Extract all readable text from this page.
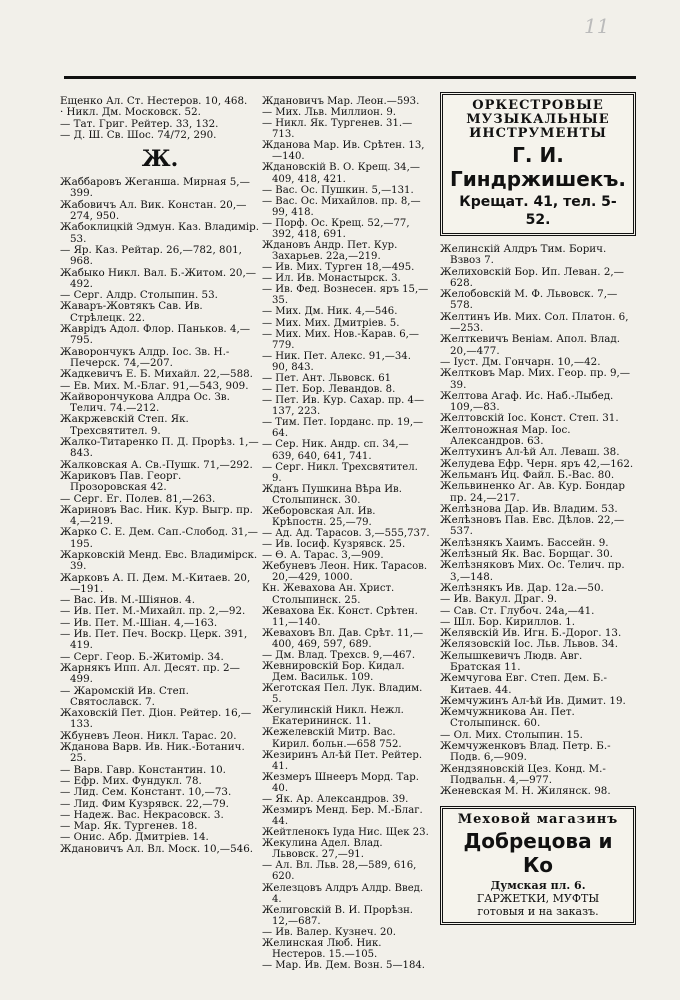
11

Ещенко Ал. Ст. Нестеров. 10, 468.

· Никл. Дм. Московск. 52.

— Тат. Григ. Рейтер. 33, 132.

— Д. Ш. Св. Шос. 74/72, 290.

Ж.

Жаббаровъ Жеганша. Мирная 5,—399.

Жабовичъ Ал. Вик. Констан. 20,—274, 950.

Жабоклицкій Эдмун. Каз. Владимір. 53.

— Яр. Каз. Рейтар. 26,—782, 801, 968.

Жабыко Никл. Вал. Б.-Житом. 20,—492.

— Серг. Алдр. Столыпин. 53.

Жаваръ-Жовтякъ Сав. Ив. Стрѣлецк. 22.

Жаврідъ Адол. Флор. Паньков. 4,—795.

Жаворончукъ Алдр. Іос. Зв. Н.-Печерск. 74,—207.

Жадкевичъ Е. Б. Михайл. 22,—588.

— Ев. Мих. М.-Благ. 91,—543, 909.

Жайворончукова Алдра Ос. Зв. Телич. 74.—212.

Жакржевскій Степ. Як. Трехсвятител. 9.

Жалко-Титаренко П. Д. Прорѣз. 1,—843.

Жалковская А. Св.-Пушк. 71,—292.

Жариковъ Пав. Георг. Прозоровская 42.

— Серг. Ег. Полев. 81,—263.

Жариновъ Вас. Ник. Кур. Выгр. пр. 4,—219.

Жарко С. Е. Дем. Сап.-Слобод. 31,—195.

Жарковскій Менд. Евс. Владимірск. 39.

Жарковъ А. П. Дем. М.-Китаев. 20,—191.

— Вас. Ив. М.-Шіянов. 4.

— Ив. Пет. М.-Михайл. пр. 2,—92.

— Ив. Пет. М.-Шіан. 4,—163.

— Ив. Пет. Печ. Воскр. Церк. 391, 419.

— Серг. Геор. Б.-Житомір. 34.

Жарнякъ Ипп. Ал. Десят. пр. 2—499.

— Жаромскій Ив. Степ. Святославск. 7.

Жаховскій Пет. Діон. Рейтер. 16,—133.

Жбуневъ Леон. Никл. Тарас. 20.

Жданова Варв. Ив. Ник.-Ботанич. 25.

— Варв. Гавр. Константин. 10.

— Ефр. Мих. Фундукл. 78.

— Лид. Сем. Констант. 10,—73.

— Лид. Фим Кузрявск. 22,—79.

— Надеж. Вас. Некрасовск. 3.

— Мар. Як. Тургенев. 18.

— Онис. Абр. Дмитріев. 14.

Ждановичъ Ал. Вл. Моск. 10,—546.

Ждановичъ Мар. Леон.—593.

— Мих. Льв. Миллион. 9.

— Никл. Як. Тургенев. 31.—713.

Жданова Мар. Ив. Срѣтен. 13,—140.

Ждановскій В. О. Крещ. 34,—409, 418, 421.

— Вас. Ос. Пушкин. 5,—131.

— Вас. Ос. Михайлов. пр. 8,—99, 418.

— Порф. Ос. Крещ. 52,—77, 392, 418, 691.

Ждановъ Андр. Пет. Кур. Захарьев. 22а,—219.

— Ив. Мих. Турген 18,—495.

— Ил. Ив. Монастырск. 3.

— Ив. Фед. Вознесен. яръ 15,—35.

— Мих. Дм. Ник. 4,—546.

— Мих. Мих. Дмитріев. 5.

— Мих. Мих. Нов.-Карав. 6,—779.

— Ник. Пет. Алекс. 91,—34. 90, 843.

— Пет. Ант. Львовск. 61

— Пет. Бор. Левандов. 8.

— Пет. Ив. Кур. Сахар. пр. 4—137, 223.

— Тим. Пет. Іорданс. пр. 19,—64.

— Сер. Ник. Андр. сп. 34,—639, 640, 641, 741.

— Серг. Никл. Трехсвятител. 9.

Жданъ Пушкина Вѣра Ив. Столыпинск. 30.

Жеборовская Ал. Ив. Крѣпостн. 25,—79.

— Ад. Ад. Тарасов. 3,—555,737.

— Ив. Іосиф. Кузрявск. 25.

— Ѳ. А. Тарас. 3,—909.

Жебуневъ Леон. Ник. Тарасов. 20,—429, 1000.

Кн. Жевахова Ан. Христ. Столыпинск. 25.

Жевахова Ек. Конст. Срѣтен. 11,—140.

Жеваховъ Вл. Дав. Срѣт. 11,—400, 469, 597, 689.

— Дм. Влад. Трехсв. 9,—467.

Жевнировскій Бор. Кидал. Дем. Васильк. 109.

Жеготская Пел. Лук. Владим. 5.

Жегулинскій Никл. Нежл. Екатерининск. 11.

Жежелевскій Митр. Вас. Кирил. больн.—658 752.

Жезиринъ Ал-ѣй Пет. Рейтер. 41.

Жезмеръ Шнееръ Морд. Тар. 40.

— Як. Ар. Александров. 39.

Жезмиръ Менд. Бер. М.-Благ. 44.

Жейтленокъ Іуда Нис. Щек 23.

Жекулина Адел. Влад. Львовск. 27,—91.

— Ал. Вл. Льв. 28,—589, 616, 620.

Железцовъ Алдръ Алдр. Введ. 4.

Желиговскій В. И. Прорѣзн. 12,—687.

— Ив. Валер. Кузнеч. 20.

Желинская Люб. Ник. Нестеров. 15.—105.

— Мар. Ив. Дем. Возн. 5—184.

ОРКЕСТРОВЫЕ
МУЗЫКАЛЬНЫЕ
ИНСТРУМЕНТЫ
Г. И. Гиндржишекъ.
Крещат. 41, тел. 5-52.

Желинскій Алдръ Тим. Борич. Взвоз 7.

Желиховскій Бор. Ип. Леван. 2,—628.

Желобовскій М. Ф. Львовск. 7,—578.

Желтинъ Ив. Мих. Сол. Платон. 6,—253.

Желткевичъ Веніам. Апол. Влад. 20,—477.

— Іуст. Дм. Гончарн. 10,—42.

Желтковъ Мар. Мих. Геор. пр. 9,—39.

Желтова Агаф. Ис. Наб.-Лыбед. 109,—83.

Желтовскій Іос. Конст. Степ. 31.

Желтоножная Мар. Іос. Александров. 63.

Желтухинъ Ал-ѣй Ал. Леваш. 38.

Желудева Ефр. Черн. яръ 42,—162.

Жельманъ Иц. Файл. Б.-Вас. 80.

Жельвиненко Аг. Ав. Кур. Бондар пр. 24,—217.

Желѣзнова Дар. Ив. Владим. 53.

Желѣзновъ Пав. Евс. Дѣлов. 22,—537.

Желѣзнякъ Хаимъ. Бассейн. 9.

Желѣзный Як. Вас. Борщаг. 30.

Желѣзняковъ Мих. Ос. Телич. пр. 3,—148.

Желѣзнякъ Ив. Дар. 12а.—50.

— Ив. Вакул. Драг. 9.

— Сав. Ст. Глубоч. 24а,—41.

— Шл. Бор. Кириллов. 1.

Желявскій Ив. Игн. Б.-Дорог. 13.

Желязовскій Іос. Льв. Львов. 34.

Желышкевичъ Людв. Авг. Братская 11.

Жемчугова Евг. Степ. Дем. Б.-Китаев. 44.

Жемчужинъ Ал-ѣй Ив. Димит. 19.

Жемчужникова Ан. Пет. Столыпинск. 60.

— Ол. Мих. Столыпин. 15.

Жемчуженковъ Влад. Петр. Б.-Подв. 6,—909.

Жендзяновскій Цез. Конд. М.-Подвальн. 4,—977.

Женевская М. Н. Жилянск. 98.

Меховой магазинъ
Добрецова и Ко
Думская пл. 6.
ГАРЖЕТКИ, МУФТЫ
готовыя и на заказъ.
